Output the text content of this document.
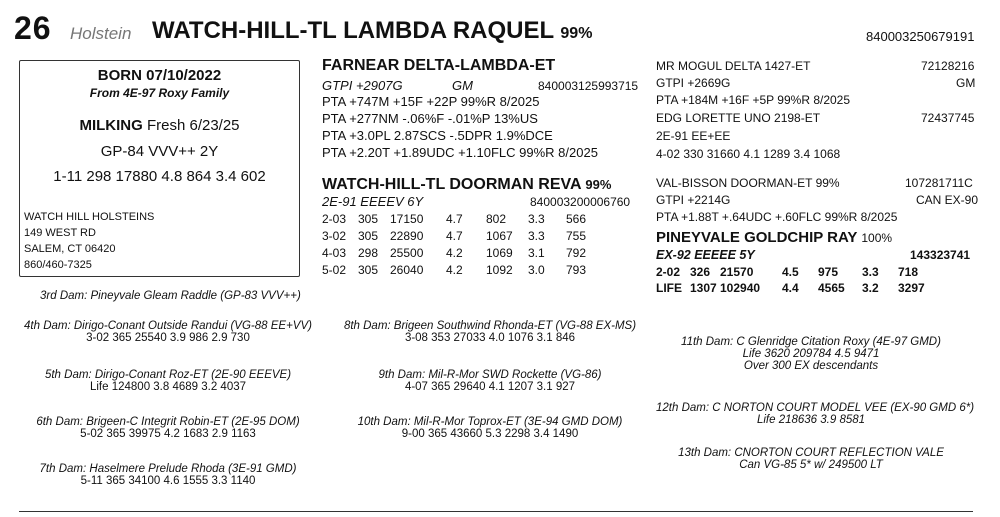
26 Holstein WATCH-HILL-TL LAMBDA RAQUEL 99%	840003250679191
BORN 07/10/2022
From 4E-97 Roxy Family
MILKING Fresh 6/23/25
GP-84 VVV++ 2Y
1-11 298 17880 4.8 864 3.4 602
WATCH HILL HOLSTEINS
149 WEST RD
SALEM, CT 06420
860/460-7325
FARNEAR DELTA-LAMBDA-ET
GTPI +2907G	GM	840003125993715
PTA +747M +15F +22P 99%R 8/2025
PTA +277NM -.06%F -.01%P 13%US
PTA +3.0PL 2.87SCS -.5DPR 1.9%DCE
PTA +2.20T +1.89UDC +1.10FLC 99%R 8/2025
MR MOGUL DELTA 1427-ET	72128216
GTPI +2669G	GM
PTA +184M +16F +5P 99%R 8/2025
EDG LORETTE UNO 2198-ET	72437745
2E-91 EE+EE
4-02 330 31660 4.1 1289 3.4 1068
WATCH-HILL-TL DOORMAN REVA 99%
2E-91 EEEEV 6Y	840003200006760
2-03 305 17150	4.7	802	3.3	566
3-02 305 22890	4.7	1067	3.3	755
4-03 298 25500	4.2	1069	3.1	792
5-02 305 26040	4.2	1092	3.0	793
VAL-BISSON DOORMAN-ET 99%	107281711C
GTPI +2214G	CAN EX-90
PTA +1.88T +.64UDC +.60FLC 99%R 8/2025
PINEYVALE GOLDCHIP RAY 100%
EX-92 EEEEE 5Y	143323741
2-02 326 21570	4.5	975	3.3	718
LIFE 1307 102940	4.4	4565	3.2	3297
3rd Dam: Pineyvale Gleam Raddle (GP-83 VVV++)
4th Dam: Dirigo-Conant Outside Randui (VG-88 EE+VV)
3-02 365 25540 3.9 986 2.9 730
5th Dam: Dirigo-Conant Roz-ET (2E-90 EEEVE)
Life 124800 3.8 4689 3.2 4037
6th Dam: Brigeen-C Integrit Robin-ET (2E-95 DOM)
5-02 365 39975 4.2 1683 2.9 1163
7th Dam: Haselmere Prelude Rhoda (3E-91 GMD)
5-11 365 34100 4.6 1555 3.3 1140
8th Dam: Brigeen Southwind Rhonda-ET (VG-88 EX-MS)
3-08 353 27033 4.0 1076 3.1 846
9th Dam: Mil-R-Mor SWD Rockette (VG-86)
4-07 365 29640 4.1 1207 3.1 927
10th Dam: Mil-R-Mor Toprox-ET (3E-94 GMD DOM)
9-00 365 43660 5.3 2298 3.4 1490
11th Dam: C Glenridge Citation Roxy (4E-97 GMD)
Life 3620 209784 4.5 9471
Over 300 EX descendants
12th Dam: C NORTON COURT MODEL VEE (EX-90 GMD 6*)
Life 218636 3.9 8581
13th Dam: CNORTON COURT REFLECTION VALE
Can VG-85 5* w/ 249500 LT
